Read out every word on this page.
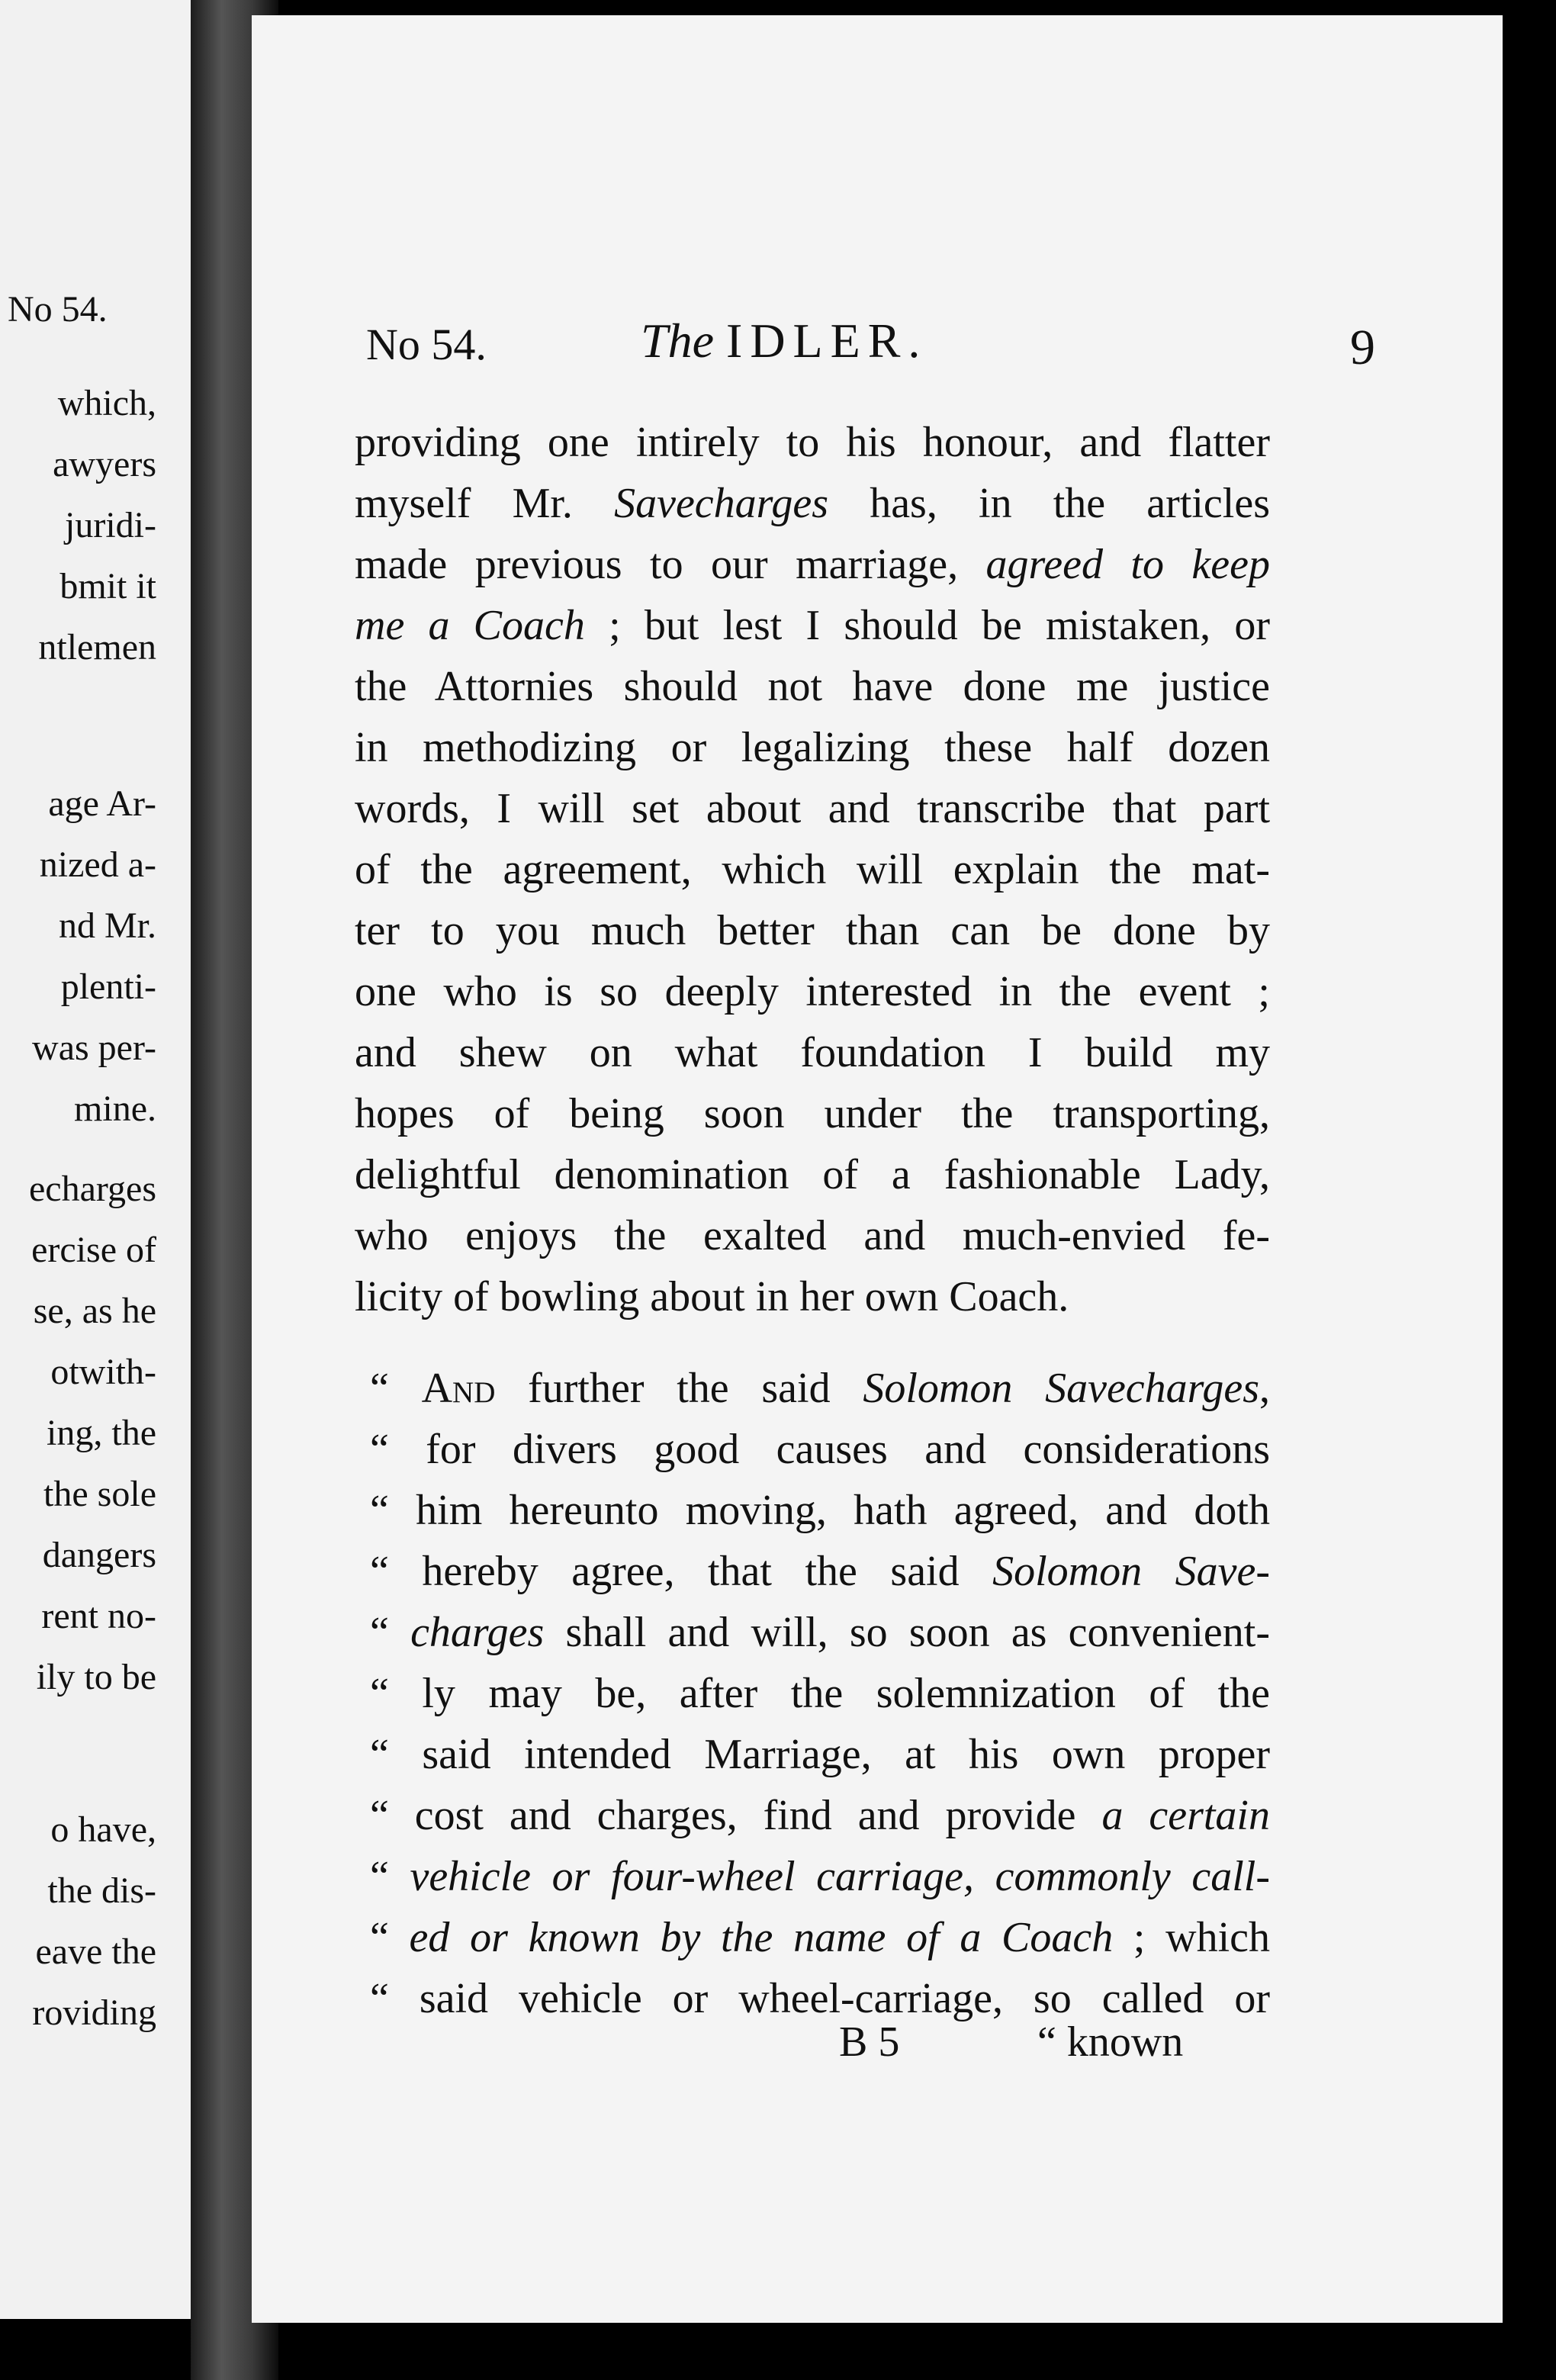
No 54.
which,
awyers
juridi-
bmit it
ntlemen
age Ar-
nized a-
nd Mr.
plenti-
was per-
mine.
echarges
ercise of
se, as he
otwith-
ing, the
the sole
dangers
rent no-
ily to be
o have,
the dis-
eave the
roviding
No 54.	The IDLER.	9
providing one intirely to his honour, and flatter
myself Mr. Savecharges has, in the articles
made previous to our marriage, agreed to keep
me a Coach ; but lest I should be mistaken, or
the Attornies should not have done me justice
in methodizing or legalizing these half dozen
words, I will set about and transcribe that part
of the agreement, which will explain the mat-
ter to you much better than can be done by
one who is so deeply interested in the event ;
and shew on what foundation I build my
hopes of being soon under the transporting,
delightful denomination of a fashionable Lady,
who enjoys the exalted and much-envied fe-
licity of bowling about in her own Coach.
“ And further the said Solomon Savecharges,
“ for divers good causes and considerations
“ him hereunto moving, hath agreed, and doth
“ hereby agree, that the said Solomon Save-
“ charges shall and will, so soon as convenient-
“ ly may be, after the solemnization of the
“ said intended Marriage, at his own proper
“ cost and charges, find and provide a certain
“ vehicle or four-wheel carriage, commonly call-
“ ed or known by the name of a Coach ; which
“ said vehicle or wheel-carriage, so called or
B 5	“ known
